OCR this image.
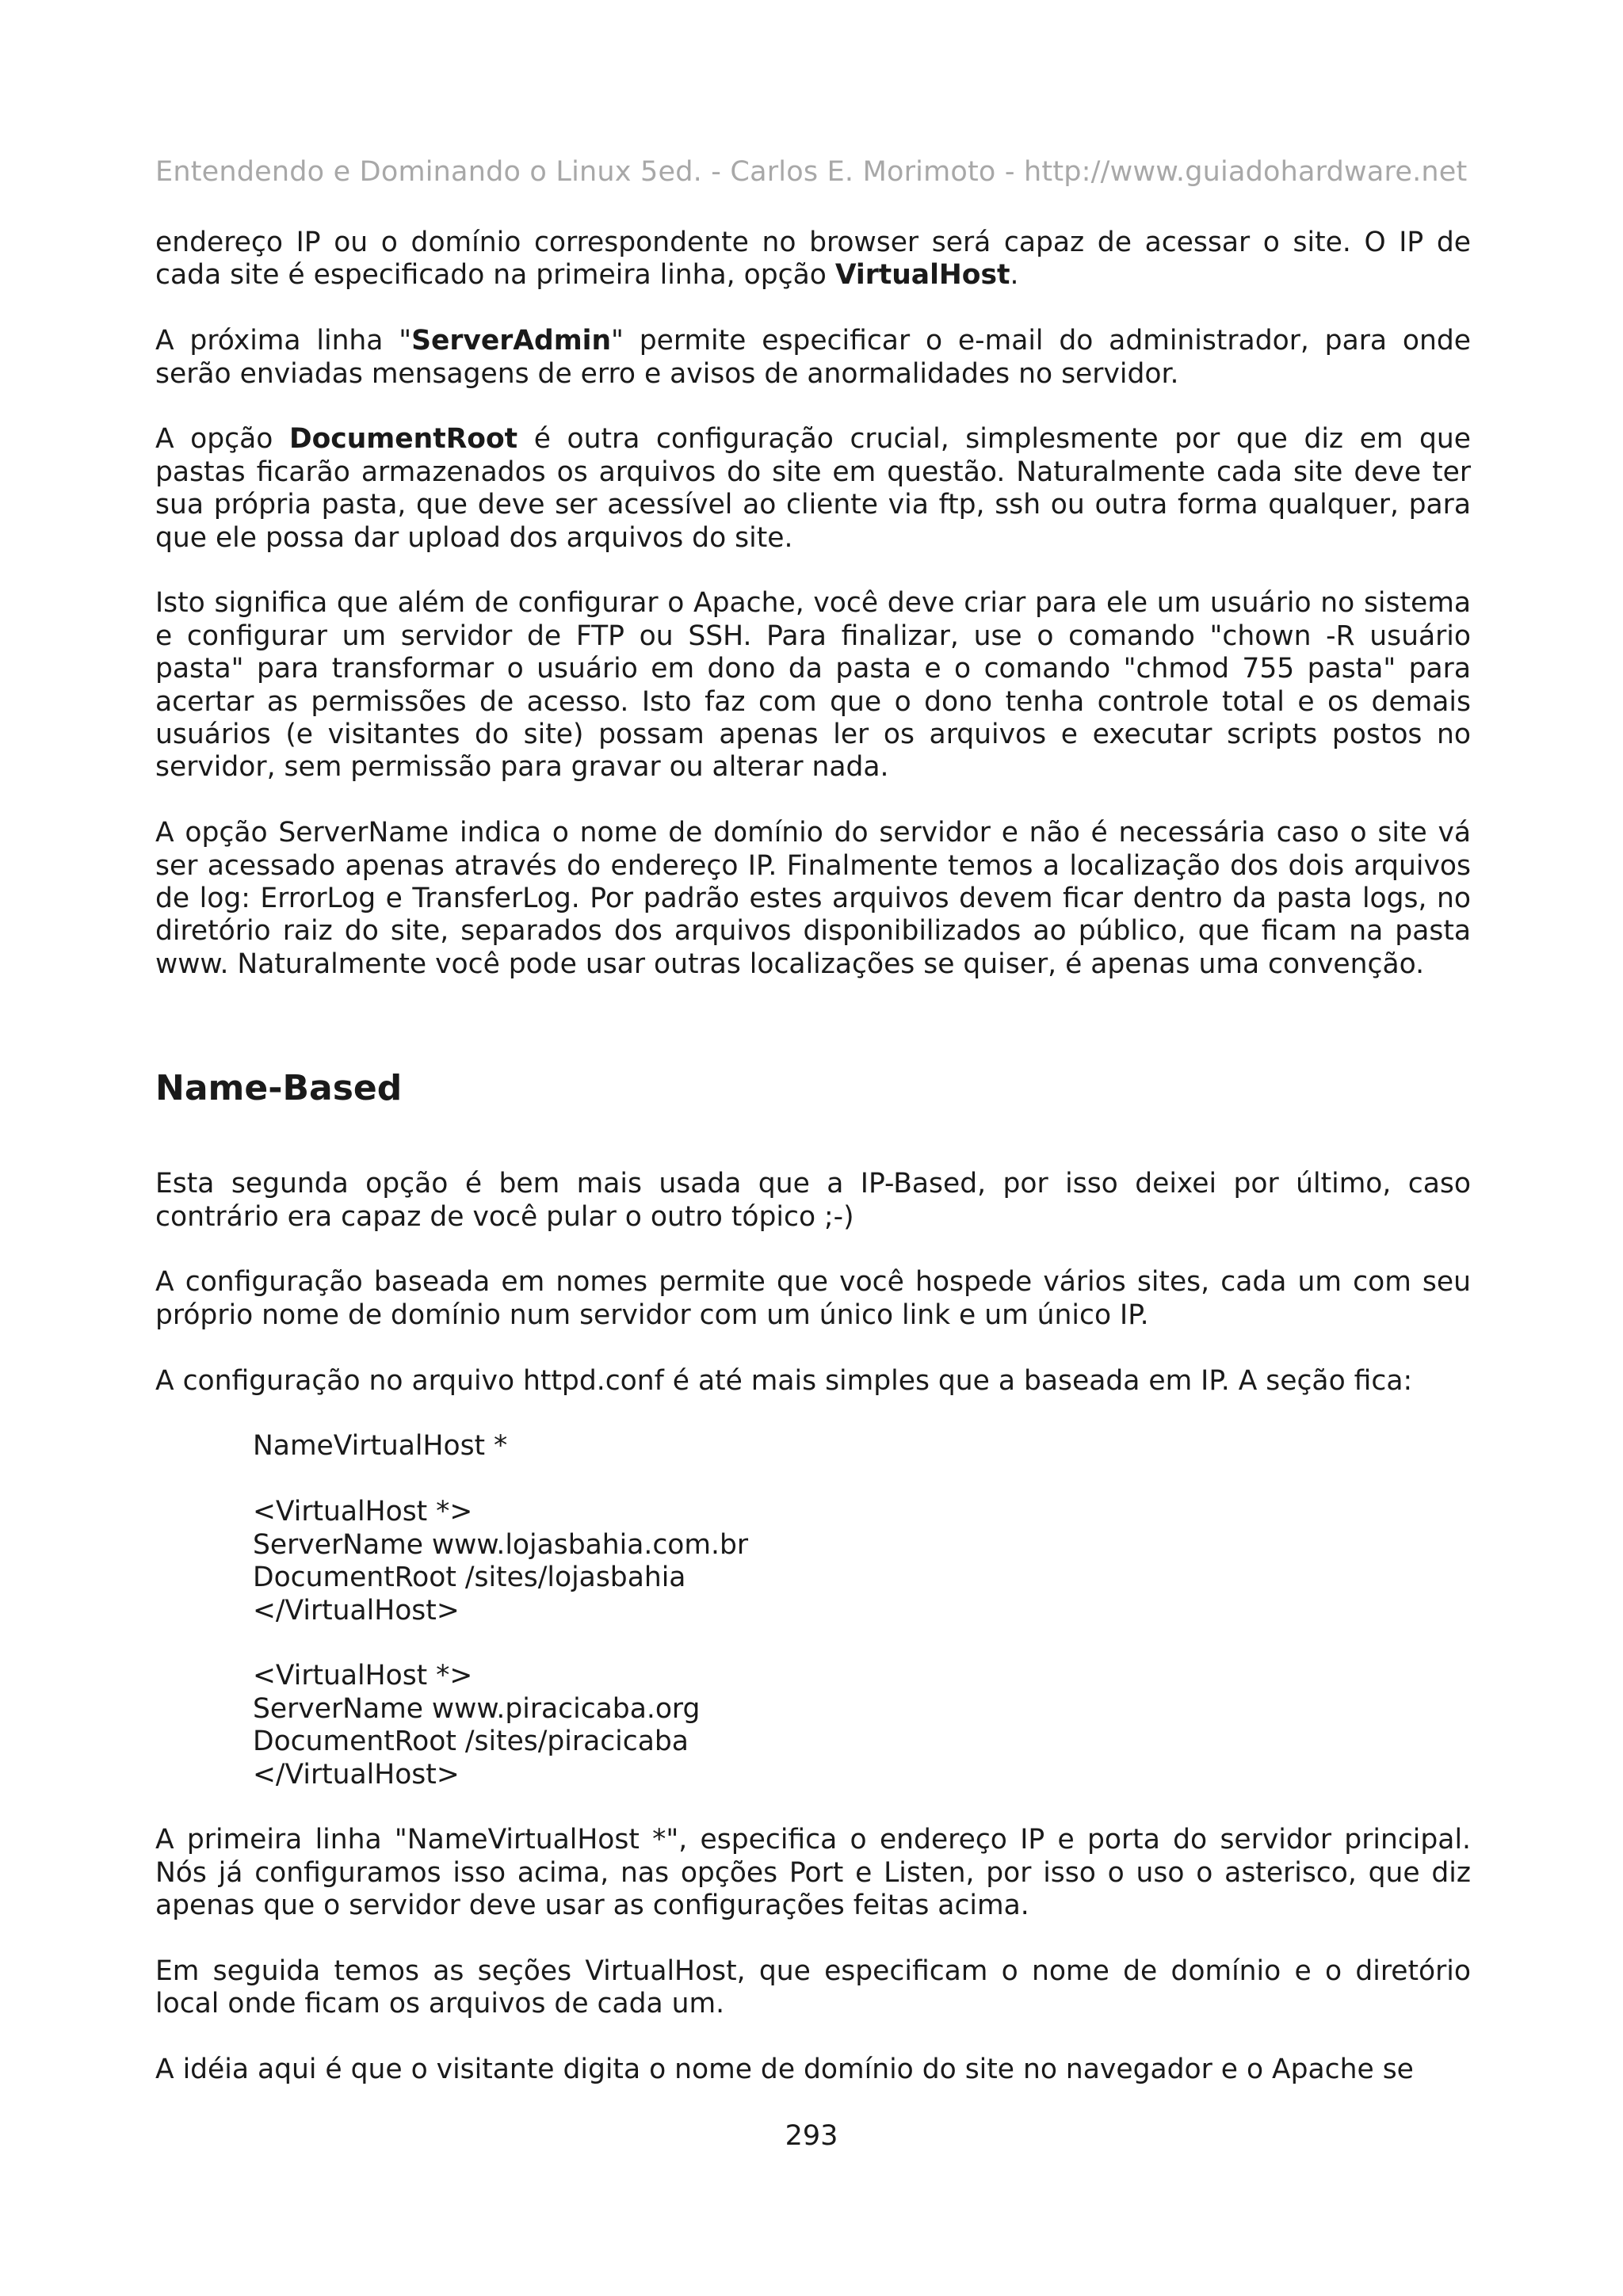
Entendendo e Dominando o Linux 5ed. - Carlos E. Morimoto - http://www.guiadohardware.net

endereço IP ou o domínio correspondente no browser será capaz de acessar o site. O IP de cada site é especificado na primeira linha, opção VirtualHost.

A próxima linha "ServerAdmin" permite especificar o e-mail do administrador, para onde serão enviadas mensagens de erro e avisos de anormalidades no servidor.

A opção DocumentRoot é outra configuração crucial, simplesmente por que diz em que pastas ficarão armazenados os arquivos do site em questão. Naturalmente cada site deve ter sua própria pasta, que deve ser acessível ao cliente via ftp, ssh ou outra forma qualquer, para que ele possa dar upload dos arquivos do site.

Isto significa que além de configurar o Apache, você deve criar para ele um usuário no sistema e configurar um servidor de FTP ou SSH. Para finalizar, use o comando "chown -R usuário pasta" para transformar o usuário em dono da pasta e o comando "chmod 755 pasta" para acertar as permissões de acesso. Isto faz com que o dono tenha controle total e os demais usuários (e visitantes do site) possam apenas ler os arquivos e executar scripts postos no servidor, sem permissão para gravar ou alterar nada.

A opção ServerName indica o nome de domínio do servidor e não é necessária caso o site vá ser acessado apenas através do endereço IP. Finalmente temos a localização dos dois arquivos de log: ErrorLog e TransferLog. Por padrão estes arquivos devem ficar dentro da pasta logs, no diretório raiz do site, separados dos arquivos disponibilizados ao público, que ficam na pasta www. Naturalmente você pode usar outras localizações se quiser, é apenas uma convenção.

Name-Based

Esta segunda opção é bem mais usada que a IP-Based, por isso deixei por último, caso contrário era capaz de você pular o outro tópico ;-)

A configuração baseada em nomes permite que você hospede vários sites, cada um com seu próprio nome de domínio num servidor com um único link e um único IP.

A configuração no arquivo httpd.conf é até mais simples que a baseada em IP. A seção fica:

NameVirtualHost *

<VirtualHost *>

ServerName www.lojasbahia.com.br

DocumentRoot /sites/lojasbahia

</VirtualHost>

<VirtualHost *>

ServerName www.piracicaba.org

DocumentRoot /sites/piracicaba

</VirtualHost>

A primeira linha "NameVirtualHost *", especifica o endereço IP e porta do servidor principal. Nós já configuramos isso acima, nas opções Port e Listen, por isso o uso o asterisco, que diz apenas que o servidor deve usar as configurações feitas acima.

Em seguida temos as seções VirtualHost, que especificam o nome de domínio e o diretório local onde ficam os arquivos de cada um.

A idéia aqui é que o visitante digita o nome de domínio do site no navegador e o Apache se

293
